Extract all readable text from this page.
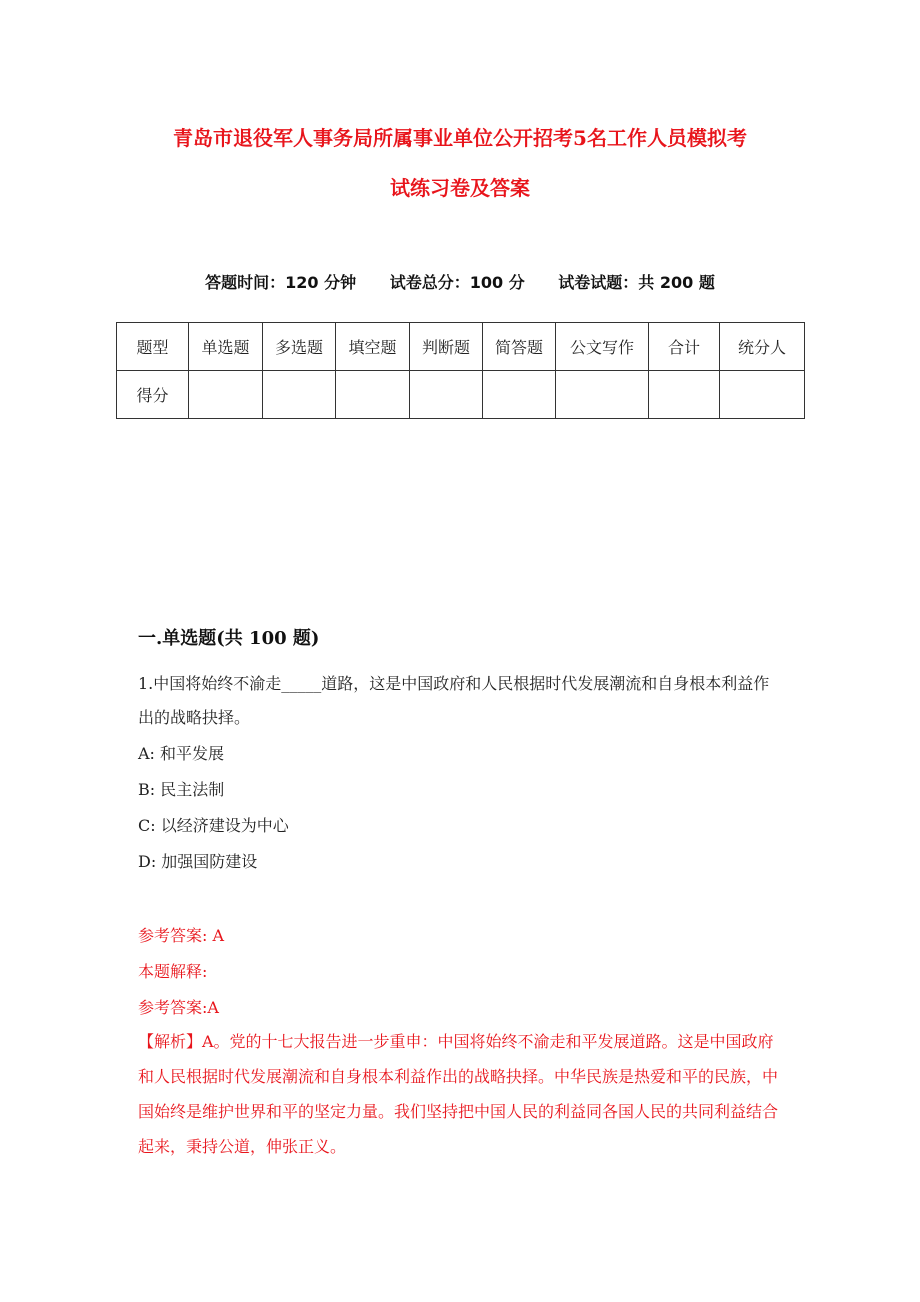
青岛市退役军人事务局所属事业单位公开招考5名工作人员模拟考
试练习卷及答案
答题时间：120 分钟 试卷总分：100 分 试卷试题：共 200 题
题型	单选题	多选题	填空题	判断题	简答题	公文写作	合计	统分人
得分								
一.单选题(共 100 题)
1.中国将始终不渝走_____道路，这是中国政府和人民根据时代发展潮流和自身根本利益作出的战略抉择。
A: 和平发展
B: 民主法制
C: 以经济建设为中心
D: 加强国防建设
参考答案: A
本题解释:
参考答案:A
【解析】A。党的十七大报告进一步重申：中国将始终不渝走和平发展道路。这是中国政府和人民根据时代发展潮流和自身根本利益作出的战略抉择。中华民族是热爱和平的民族，中国始终是维护世界和平的坚定力量。我们坚持把中国人民的利益同各国人民的共同利益结合起来，秉持公道，伸张正义。
